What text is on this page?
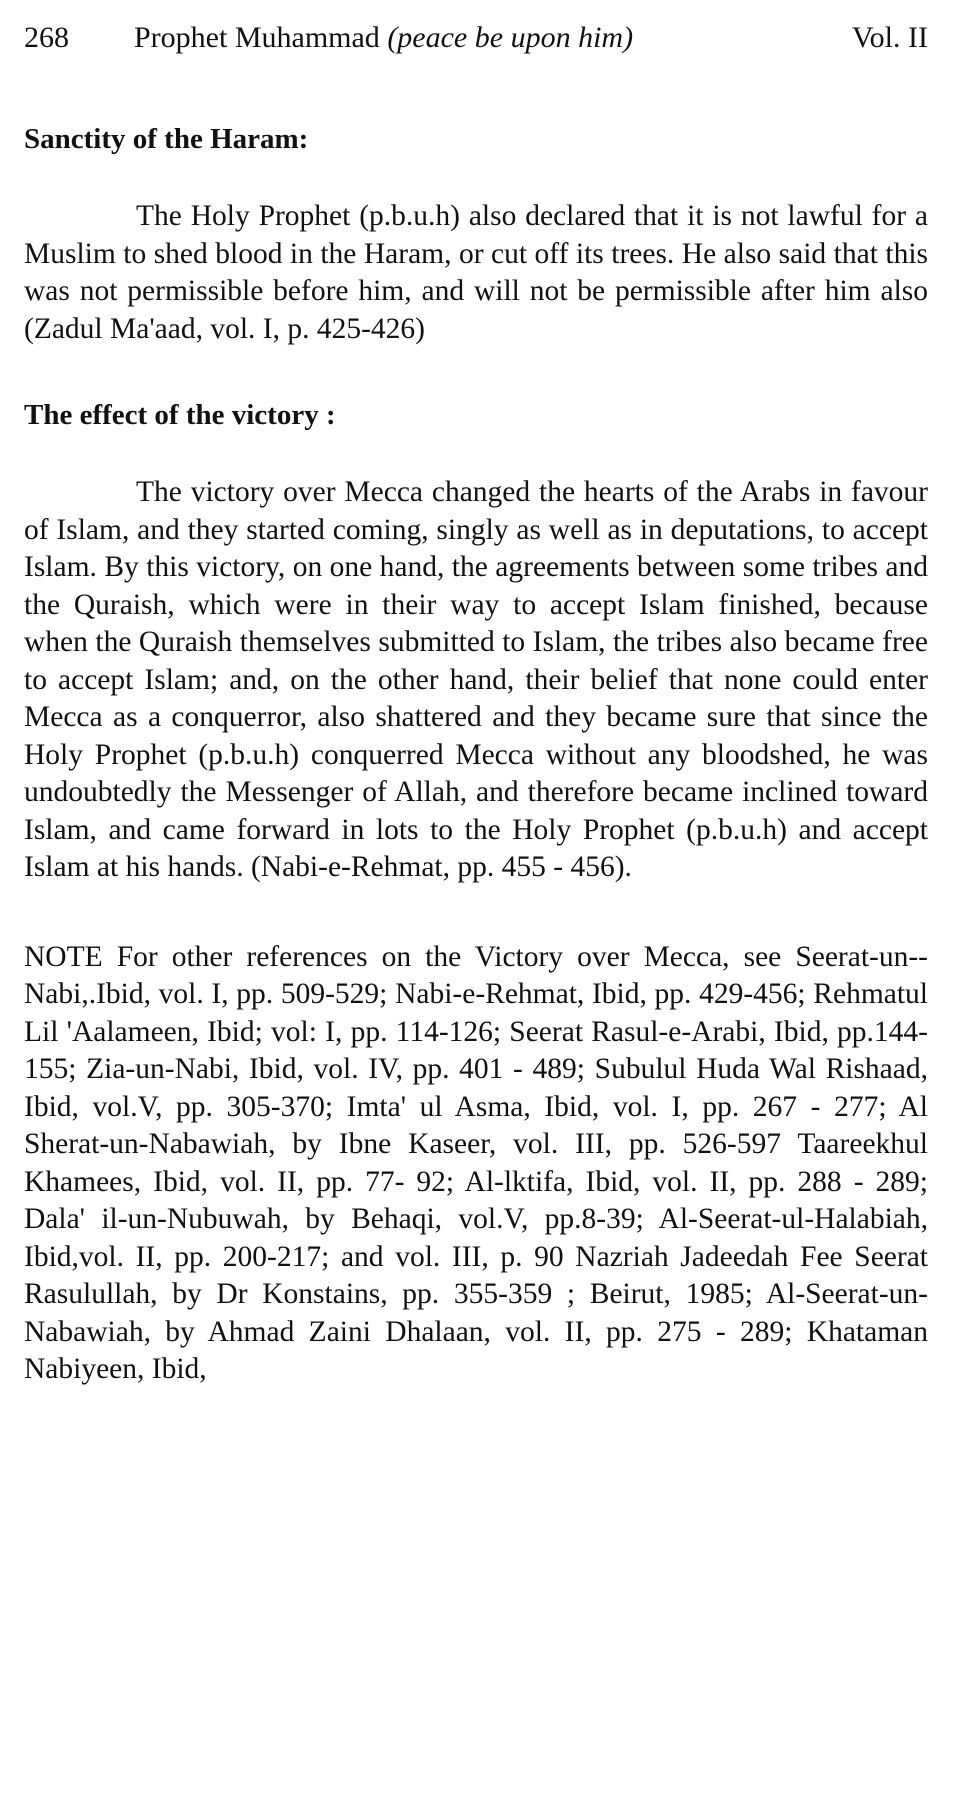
268 Prophet Muhammad (peace be upon him)	Vol. II
Sanctity of the Haram:

The Holy Prophet (p.b.u.h) also declared that it is not lawful for a Muslim to shed blood in the Haram, or cut off its trees. He also said that this was not permissible before him, and will not be permissible after him also (Zadul Ma'aad, vol. I, p. 425-426)

The effect of the victory :

The victory over Mecca changed the hearts of the Arabs in favour of Islam, and they started coming, singly as well as in deputations, to accept Islam. By this victory, on one hand, the agreements between some tribes and the Quraish, which were in their way to accept Islam finished, because when the Quraish themselves submitted to Islam, the tribes also became free to accept Islam; and, on the other hand, their belief that none could enter Mecca as a conquerror, also shattered and they became sure that since the Holy Prophet (p.b.u.h) conquerred Mecca without any bloodshed, he was undoubtedly the Messenger of Allah, and therefore became inclined toward Islam, and came forward in lots to the Holy Prophet (p.b.u.h) and accept Islam at his hands. (Nabi-e-Rehmat, pp. 455 - 456).

NOTE For other references on the Victory over Mecca, see Seerat-un--Nabi,.Ibid, vol. I, pp. 509-529; Nabi-e-Rehmat, Ibid, pp. 429-456; Rehmatul Lil 'Aalameen, Ibid; vol: I, pp. 114-126; Seerat Rasul-e-Arabi, Ibid, pp.144-155; Zia-un-Nabi, Ibid, vol. IV, pp. 401 - 489; Subulul Huda Wal Rishaad, Ibid, vol.V, pp. 305-370; Imta' ul Asma, Ibid, vol. I, pp. 267 - 277; Al Sherat-un-Nabawiah, by Ibne Kaseer, vol. III, pp. 526-597 Taareekhul Khamees, Ibid, vol. II, pp. 77- 92; Al-lktifa, Ibid, vol. II, pp. 288 - 289; Dala' il-un-Nubuwah, by Behaqi, vol.V, pp.8-39; Al-Seerat-ul-Halabiah, Ibid,vol. II, pp. 200-217; and vol. III, p. 90 Nazriah Jadeedah Fee Seerat Rasulullah, by Dr Konstains, pp. 355-359 ; Beirut, 1985; Al-Seerat-un-Nabawiah, by Ahmad Zaini Dhalaan, vol. II, pp. 275 - 289; Khataman Nabiyeen, Ibid,
